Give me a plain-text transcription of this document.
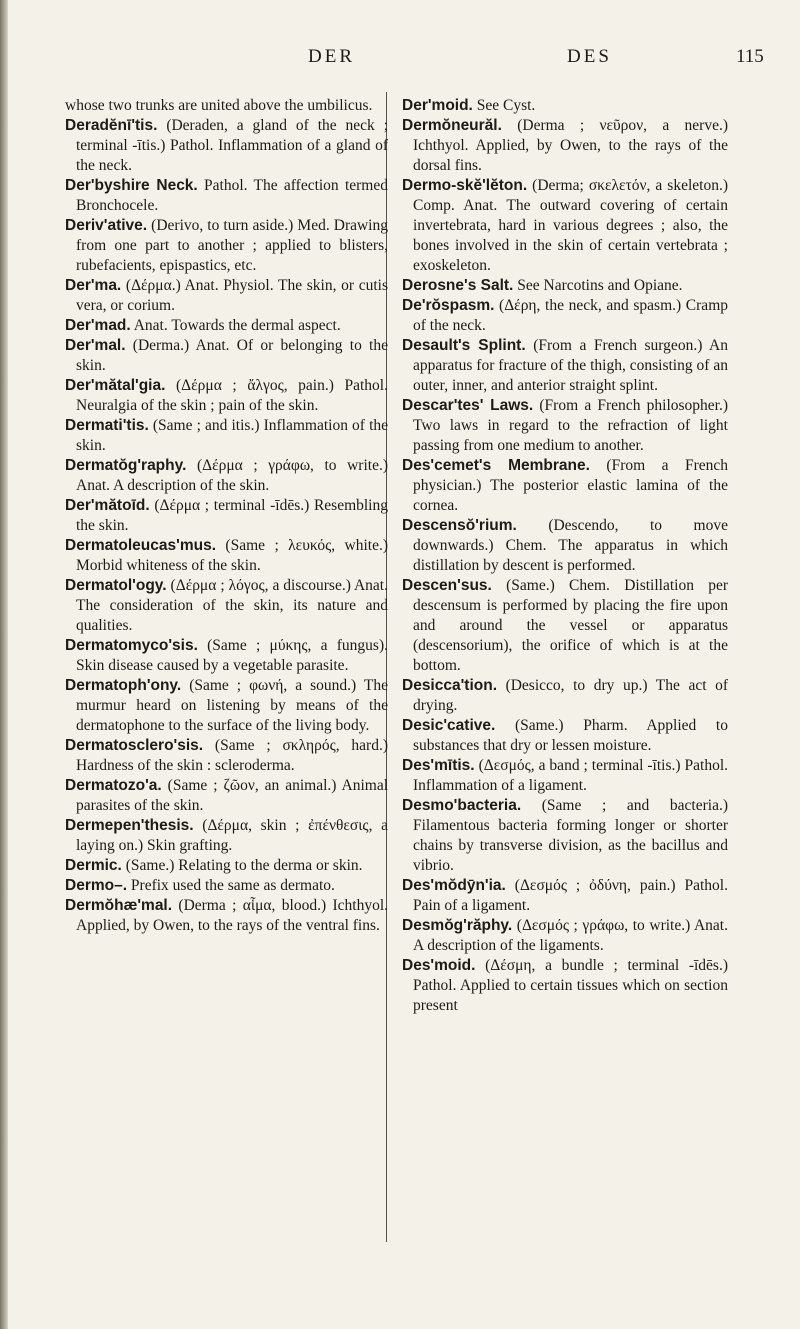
DER	DES	115

whose two trunks are united above the umbilicus.

Deradĕnī'tis. (Deraden, a gland of the neck ; terminal -ītis.) Pathol. Inflammation of a gland of the neck.

Der'byshire Neck. Pathol. The affection termed Bronchocele.

Deriv'ative. (Derivo, to turn aside.) Med. Drawing from one part to another ; applied to blisters, rubefacients, epispastics, etc.

Der'ma. (Δέρμα.) Anat. Physiol. The skin, or cutis vera, or corium.

Der'mad. Anat. Towards the dermal aspect.

Der'mal. (Derma.) Anat. Of or belonging to the skin.

Der'mătal'gia. (Δέρμα ; ἄλγος, pain.) Pathol. Neuralgia of the skin ; pain of the skin.

Dermati'tis. (Same ; and itis.) Inflammation of the skin.

Dermatŏg'raphy. (Δέρμα ; γράφω, to write.) Anat. A description of the skin.

Der'mătoīd. (Δέρμα ; terminal -īdēs.) Resembling the skin.

Dermatoleucas'mus. (Same ; λευκός, white.) Morbid whiteness of the skin.

Dermatol'ogy. (Δέρμα ; λόγος, a discourse.) Anat. The consideration of the skin, its nature and qualities.

Dermatomyco'sis. (Same ; μύκης, a fungus). Skin disease caused by a vegetable parasite.

Dermatoph'ony. (Same ; φωνή, a sound.) The murmur heard on listening by means of the dermatophone to the surface of the living body.

Dermatosclero'sis. (Same ; σκληρός, hard.) Hardness of the skin : scleroderma.

Dermatozo'a. (Same ; ζῶον, an animal.) Animal parasites of the skin.

Dermepen'thesis. (Δέρμα, skin ; ἐπένθεσις, a laying on.) Skin grafting.

Dermic. (Same.) Relating to the derma or skin.

Dermo–. Prefix used the same as dermato.

Dermŏhæ'mal. (Derma ; αἷμα, blood.) Ichthyol. Applied, by Owen, to the rays of the ventral fins.

Der'moid. See Cyst.

Dermŏneurăl. (Derma ; νεῦρον, a nerve.) Ichthyol. Applied, by Owen, to the rays of the dorsal fins.

Dermo-skĕ'lĕton. (Derma; σκελετόν, a skeleton.) Comp. Anat. The outward covering of certain invertebrata, hard in various degrees ; also, the bones involved in the skin of certain vertebrata ; exoskeleton.

Derosne's Salt. See Narcotins and Opiane.

De'rŏspasm. (Δέρη, the neck, and spasm.) Cramp of the neck.

Desault's Splint. (From a French surgeon.) An apparatus for fracture of the thigh, consisting of an outer, inner, and anterior straight splint.

Descar'tes' Laws. (From a French philosopher.) Two laws in regard to the refraction of light passing from one medium to another.

Des'cemet's Membrane. (From a French physician.) The posterior elastic lamina of the cornea.

Descensŏ'rium. (Descendo, to move downwards.) Chem. The apparatus in which distillation by descent is performed.

Descen'sus. (Same.) Chem. Distillation per descensum is performed by placing the fire upon and around the vessel or apparatus (descensorium), the orifice of which is at the bottom.

Desicca'tion. (Desicco, to dry up.) The act of drying.

Desic'cative. (Same.) Pharm. Applied to substances that dry or lessen moisture.

Des'mītis. (Δεσμός, a band ; terminal -ītis.) Pathol. Inflammation of a ligament.

Desmo'bacteria. (Same ; and bacteria.) Filamentous bacteria forming longer or shorter chains by transverse division, as the bacillus and vibrio.

Des'mŏdȳn'ia. (Δεσμός ; ὀδύνη, pain.) Pathol. Pain of a ligament.

Desmŏg'răphy. (Δεσμός ; γράφω, to write.) Anat. A description of the ligaments.

Des'moid. (Δέσμη, a bundle ; terminal -īdēs.) Pathol. Applied to certain tissues which on section present
